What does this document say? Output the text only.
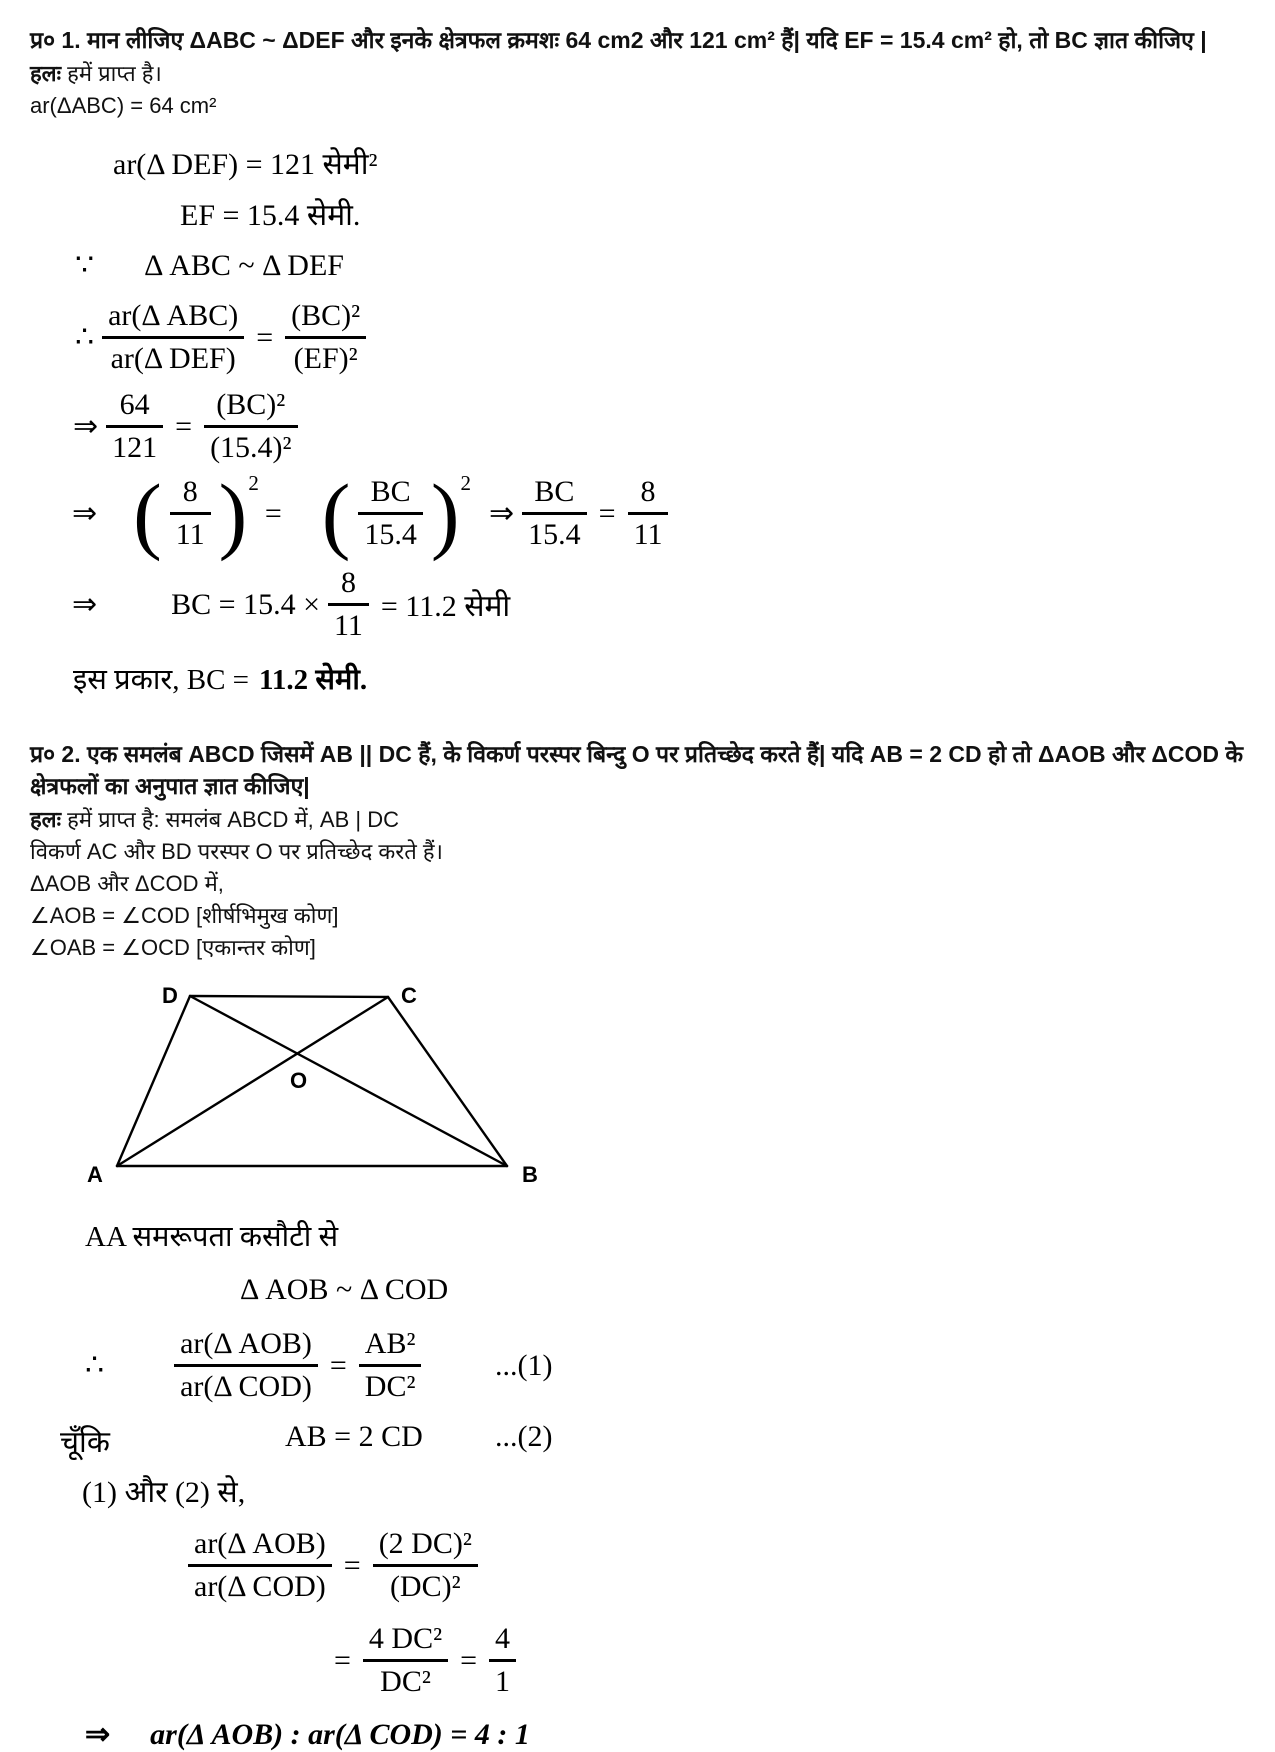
प्र० 1. मान लीजिए ΔABC ~ ΔDEF और इनके क्षेत्रफल क्रमशः 64 cm2 और 121 cm² हैं| यदि EF = 15.4 cm² हो, तो BC ज्ञात कीजिए |

हलः हमें प्राप्त है।

ar(ΔABC) = 64 cm²

ar(Δ DEF) = 121 सेमी²
EF = 15.4 सेमी.
∵ Δ ABC ~ Δ DEF
∴ $\frac{\text{ar(Δ ABC)}}{\text{ar(Δ DEF)}} = \frac{\text{(BC)²}}{\text{(EF)²}}$
⇒ $\frac{64}{121} = \frac{\text{(BC)²}}{\text{(15.4)²}}$
⇒ ( $\frac{8}{11}$ ) 2
= ( $\frac{BC}{15.4}$ ) 2
⇒ $\frac{BC}{15.4} = \frac{8}{11}$
⇒ BC = $15.4 \times \frac{8}{11} = 11.2$ सेमी
इस प्रकार, BC = 11.2 सेमी.

प्र० 2. एक समलंब ABCD जिसमें AB || DC हैं, के विकर्ण परस्पर बिन्दु O पर प्रतिच्छेद करते हैं| यदि AB = 2 CD हो तो ΔAOB और ΔCOD के क्षेत्रफलों का अनुपात ज्ञात कीजिए|

हलः हमें प्राप्त है: समलंब ABCD में, AB | DC

विकर्ण AC और BD परस्पर O पर प्रतिच्छेद करते हैं।

ΔAOB और ΔCOD में,

∠AOB = ∠COD [शीर्षभिमुख कोण]

∠OAB = ∠OCD [एकान्तर कोण]

A	B
C
D
O
AA समरूपता कसौटी से
Δ AOB ~ Δ COD
∴ $\frac{\text{ar(Δ AOB)}}{\text{ar(Δ COD)}} = \frac{\text{AB²}}{\text{DC²}} ...(1)$
चूँकि	AB = 2 CD ...(2)
(1) और (2) से,
$\frac{\text{ar(Δ AOB)}}{\text{ar(Δ COD)}} = \frac{\text{(2 DC)²}}{\text{(DC)²}}$
= $\frac{\text{4 DC²}}{\text{DC²}} = \frac{4}{1}$
⇒ ar(Δ AOB) : ar(Δ COD) = 4 : 1
